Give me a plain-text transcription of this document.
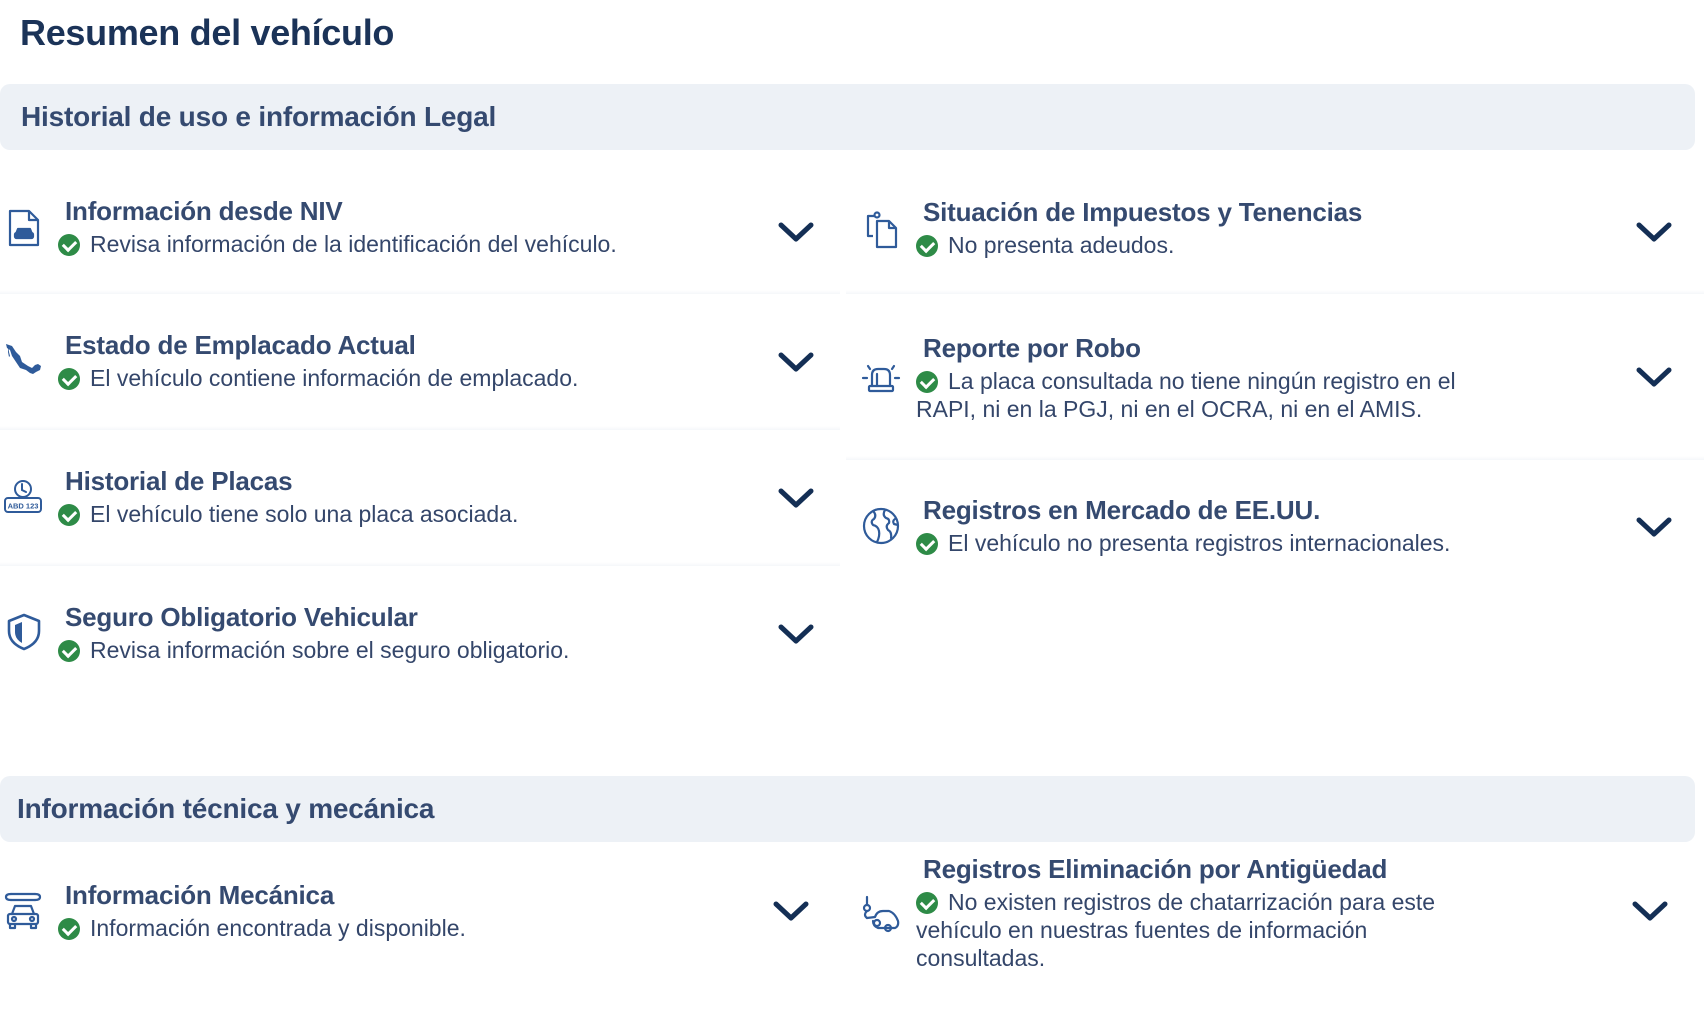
Resumen del vehículo
Historial de uso e información Legal
Información desde NIV
Revisa información de la identificación del vehículo.
Situación de Impuestos y Tenencias
No presenta adeudos.
Estado de Emplacado Actual
El vehículo contiene información de emplacado.
Reporte por Robo
La placa consultada no tiene ningún registro en el RAPI, ni en la PGJ, ni en el OCRA, ni en el AMIS.
ABD 123
Historial de Placas
El vehículo tiene solo una placa asociada.	Registros en Mercado de EE.UU.
El vehículo no presenta registros internacionales.
Seguro Obligatorio Vehicular
Revisa información sobre el seguro obligatorio.
Información técnica y mecánica
Información Mecánica
Información encontrada y disponible.
Registros Eliminación por Antigüedad
No existen registros de chatarrización para este vehículo en nuestras fuentes de información consultadas.
